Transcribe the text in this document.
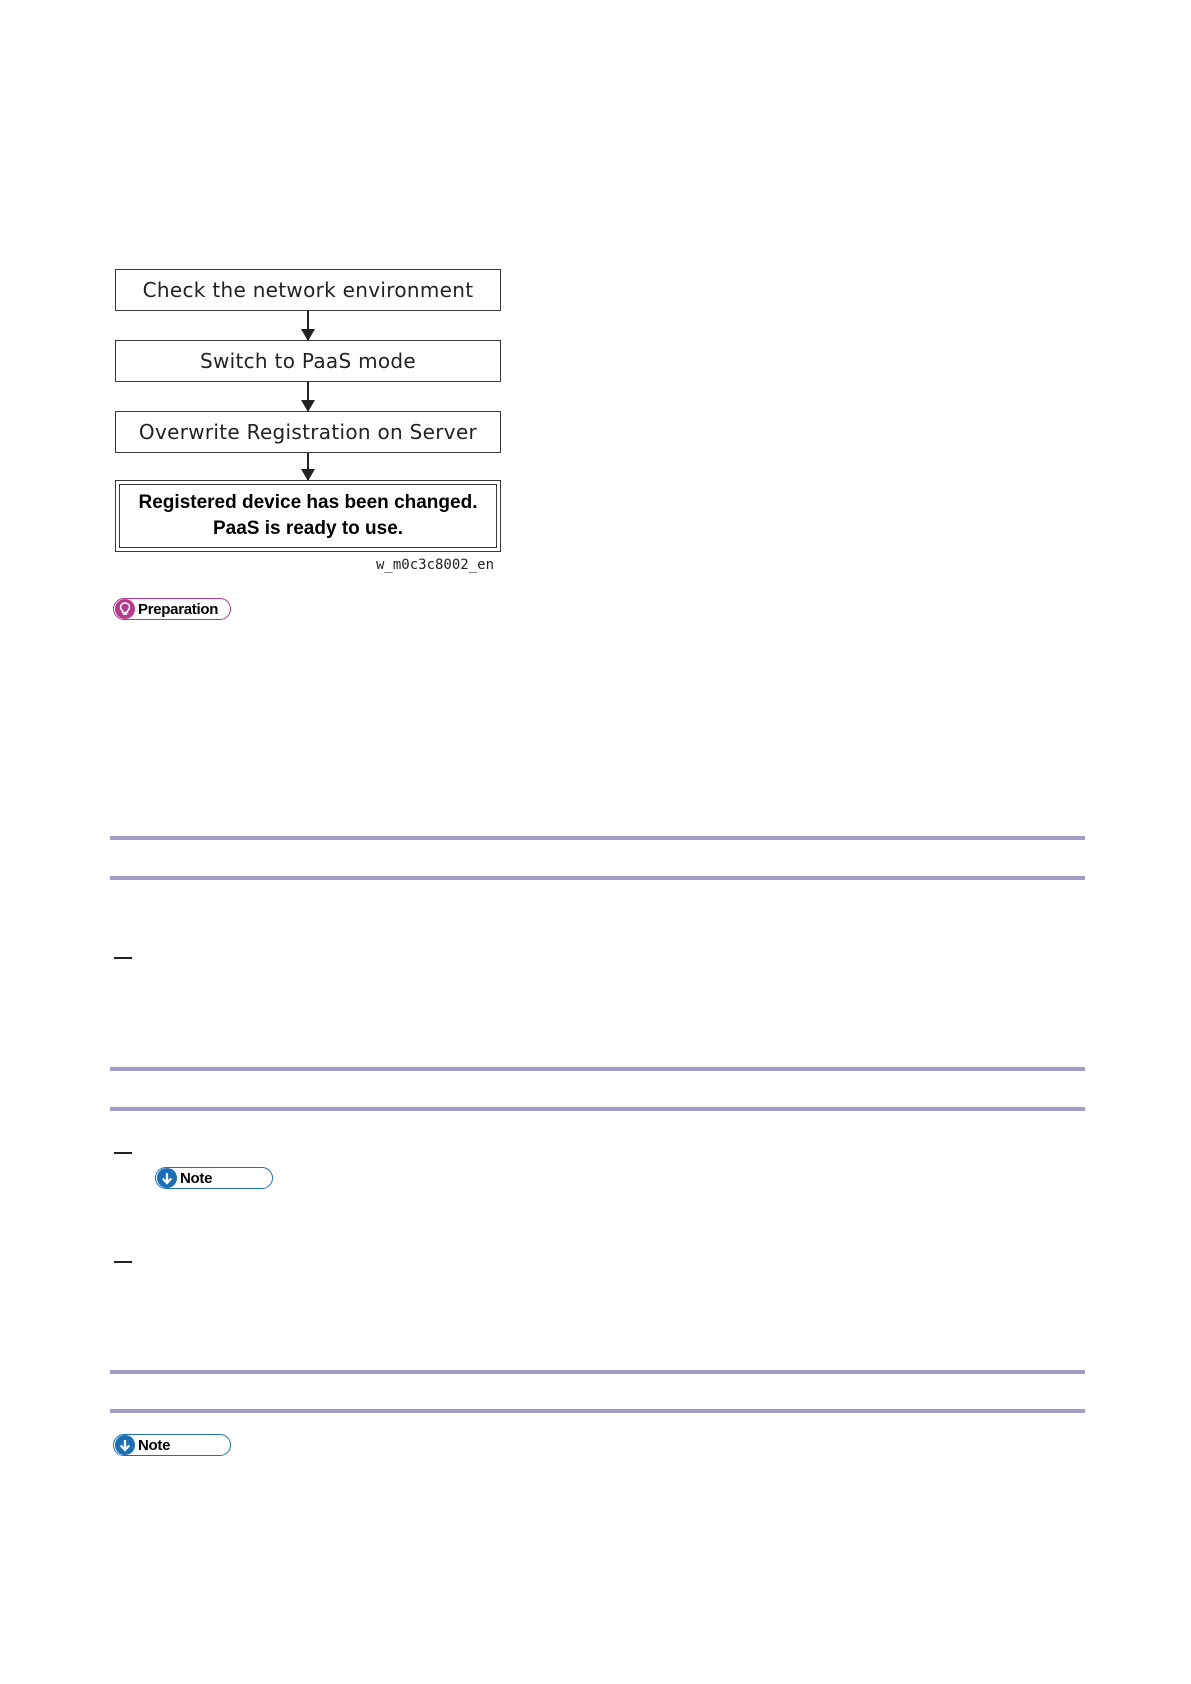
Check the network environment
Switch to PaaS mode
Overwrite Registration on Server
Registered device has been changed.
PaaS is ready to use.
w_m0c3c8002_en
Preparation
Note
Note
